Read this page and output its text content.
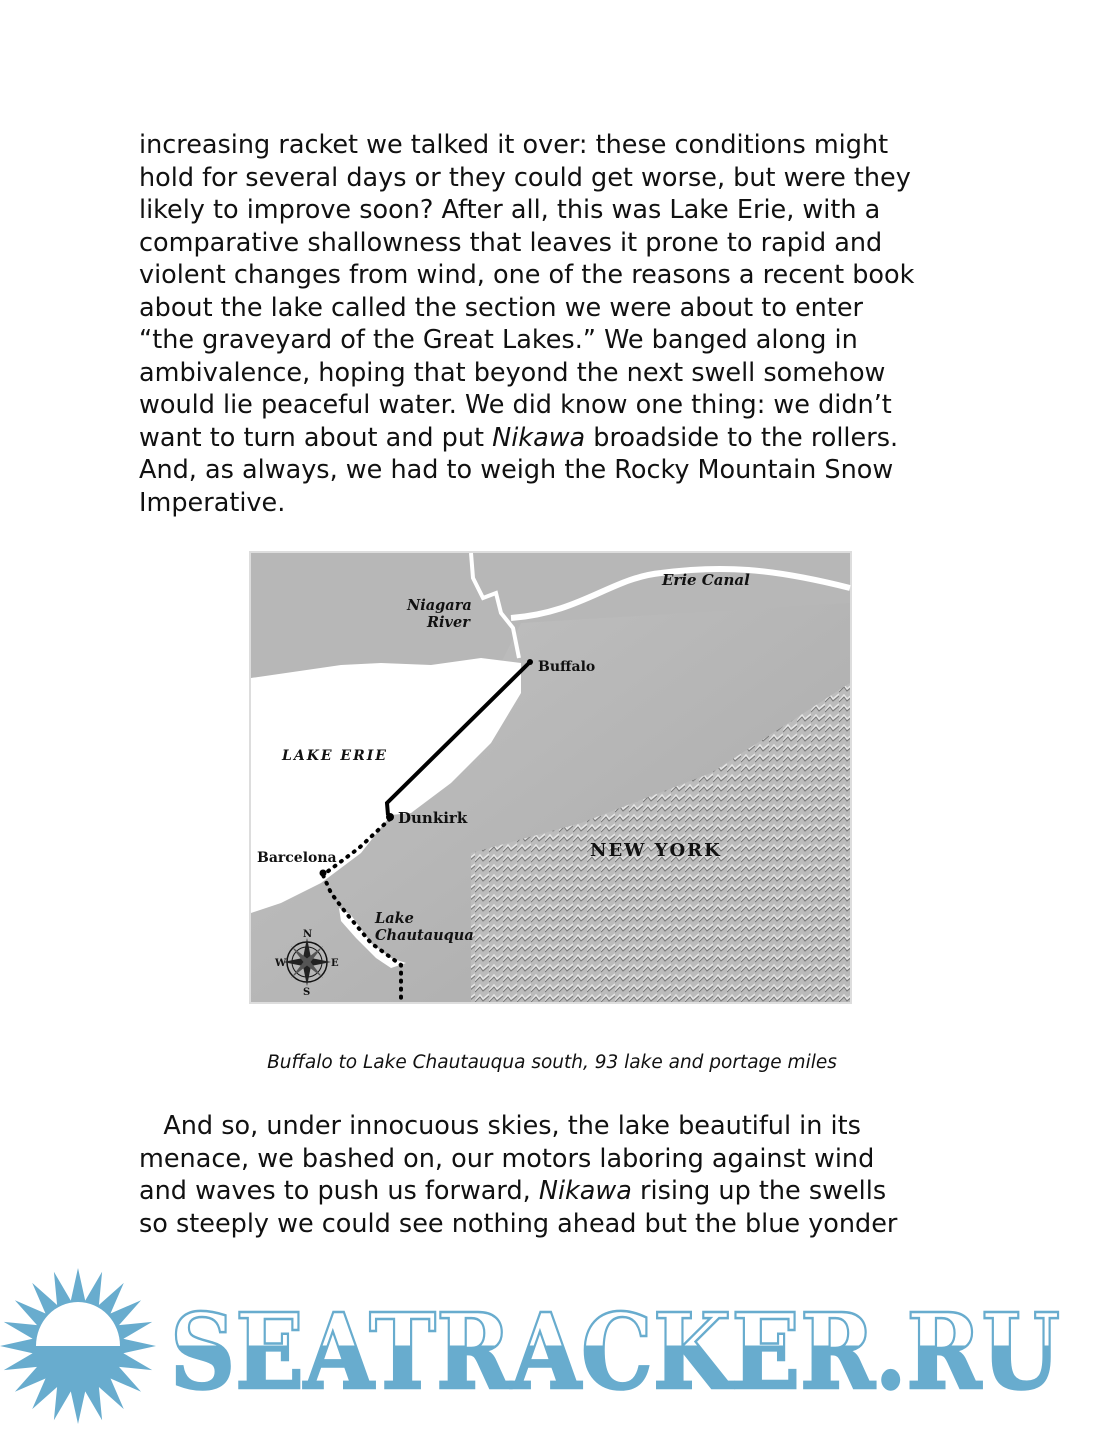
increasing racket we talked it over: these conditions might
hold for several days or they could get worse, but were they
likely to improve soon? After all, this was Lake Erie, with a
comparative shallowness that leaves it prone to rapid and
violent changes from wind, one of the reasons a recent book
about the lake called the section we were about to enter
“the graveyard of the Great Lakes.” We banged along in
ambivalence, hoping that beyond the next swell somehow
would lie peaceful water. We did know one thing: we didn’t
want to turn about and put Nikawa broadside to the rollers.
And, as always, we had to weigh the Rocky Mountain Snow
Imperative.
Erie Canal
Niagara
River
Buffalo
LAKE ERIE
Dunkirk
Barcelona	NEW YORK
Lake
Chautauqua
N
S
E
W
Buffalo to Lake Chautauqua south, 93 lake and portage miles
And so, under innocuous skies, the lake beautiful in its
menace, we bashed on, our motors laboring against wind
and waves to push us forward, Nikawa rising up the swells
so steeply we could see nothing ahead but the blue yonder
SEATRACKER.RU
